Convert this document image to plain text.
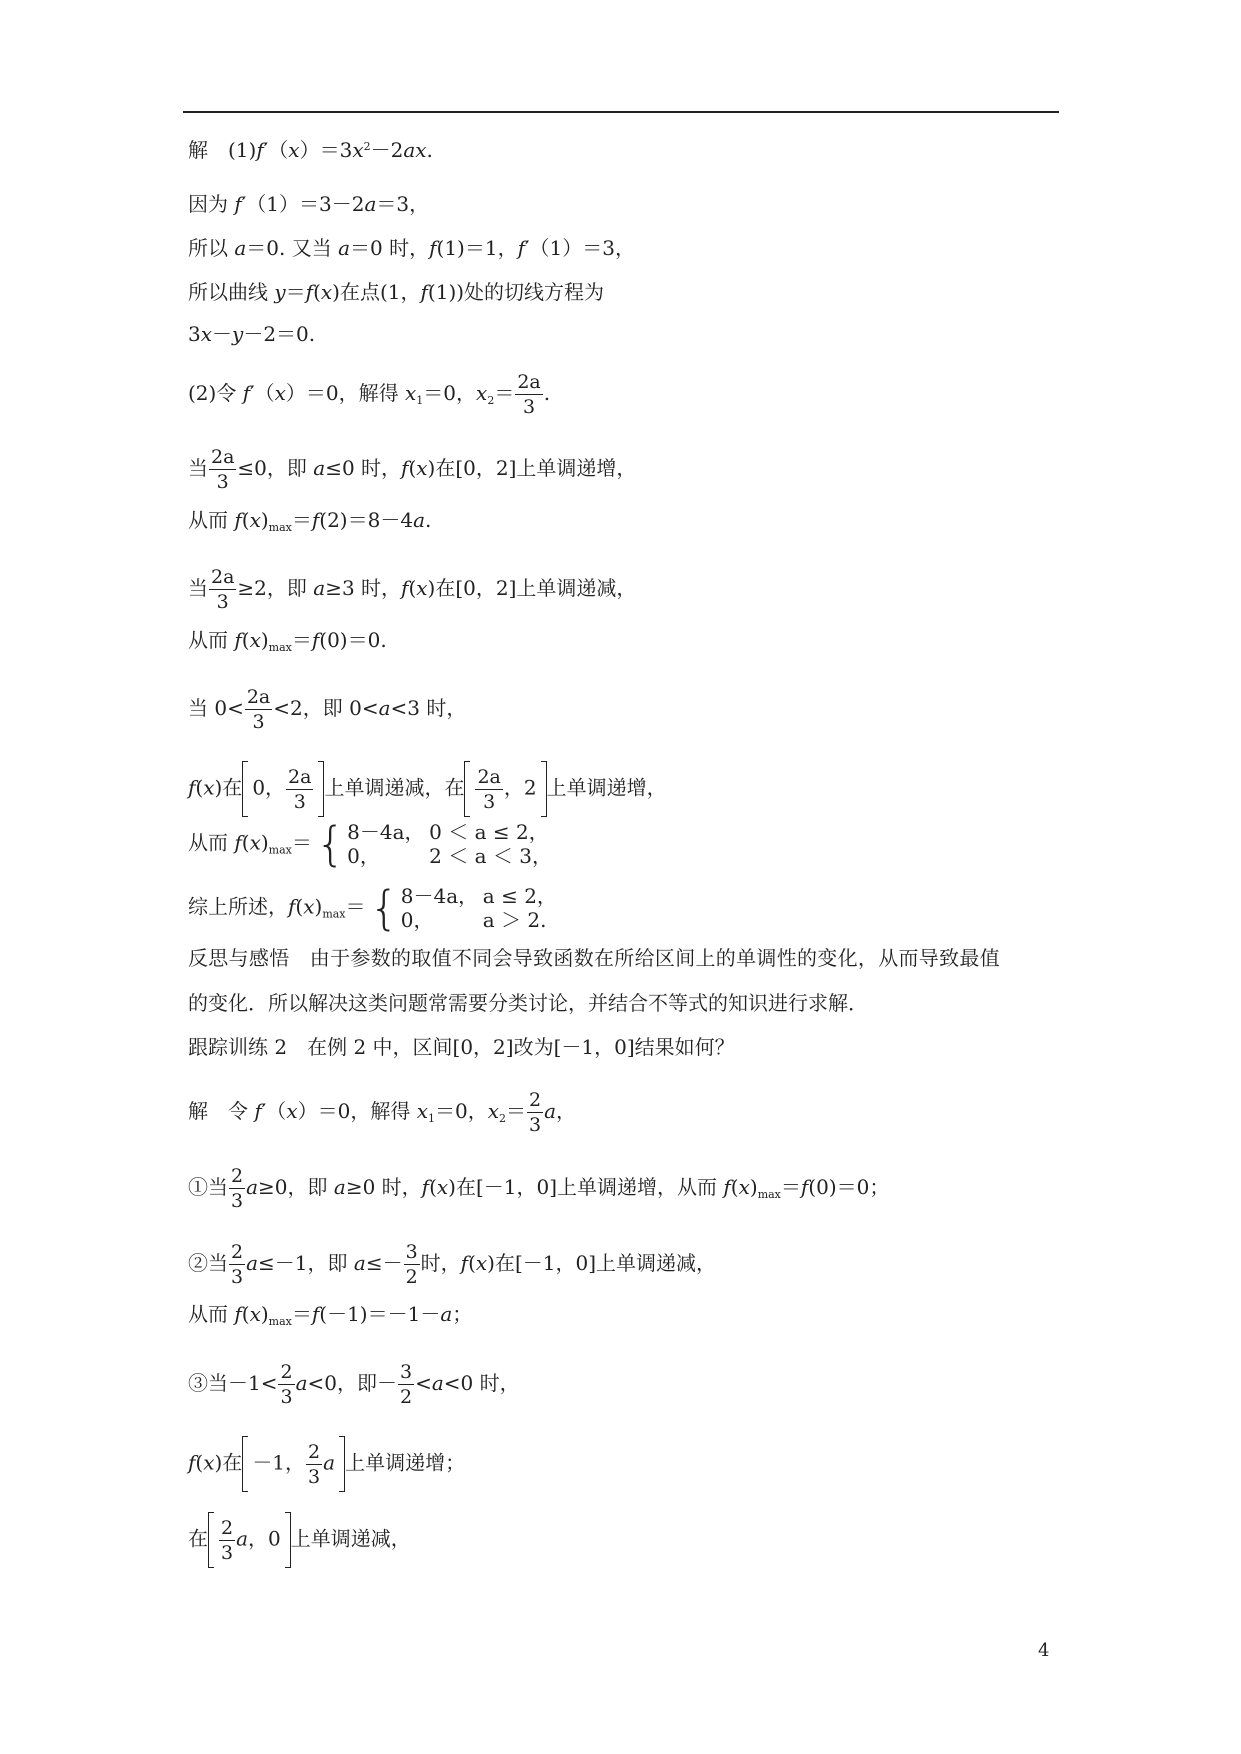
解　$(1)f'(x)=3x^2-2ax$.
因为 f′（1）＝3－2a＝3，
所以 a＝0. 又当 a＝0 时，f(1)＝1，f′（1）＝3，
所以曲线 y＝f(x)在点(1，f(1))处的切线方程为
3x－y－2＝0.
(2)令 f′（x）＝0，解得 $x_1=0$，$x_2= \frac{2a}{3}$ .
当 $\frac{2a}{3} \le 0$，即 a≤0 时，f(x)在[0，2]上单调递增，
从而 $f(x)_{max}=f(2)=8-4a$.
当 $\frac{2a}{3} \ge 2$，即 a≥3 时，f(x)在[0，2]上单调递减，
从而 $f(x)_{max}=f(0)=0$.
当 $0< \frac{2a}{3} <2$，即 0<a<3 时，
f(x)在 0， $\frac{2a}{3}$ 上单调递减，在 $\frac{2a}{3}$ ，2 上单调递增，
从而 $f(x)_{max}=${ 8－4a， 0 ＜ a ≤ 2，
0， 2 ＜ a ＜ 3，
综上所述，$f(x)_{max}=${ 8－4a， a ≤ 2，
0， a ＞ 2.
反思与感悟　由于参数的取值不同会导致函数在所给区间上的单调性的变化，从而导致最值
的变化．所以解决这类问题常需要分类讨论，并结合不等式的知识进行求解．
跟踪训练 2　在例 2 中，区间[0，2]改为[－1，0]结果如何？
解　令 f′（x）＝0，解得 $x_1=0$，$x_2= \frac{2}{3}$ a，
①当 $\frac{2}{3} a\ge 0$，即 a≥0 时，f(x)在[－1，0]上单调递增，从而 $f(x)_{max}=f(0)=0$；
②当 $\frac{2}{3} a\le-1$，即 $a\le- \frac{3}{2}$ 时，f(x)在[－1，0]上单调递减，
从而 $f(x)_{max}=f(-1)=-1-a$；
③当$-1< \frac{2}{3} a<0$，即－ $\frac{3}{2} <a<0$ 时，
f(x)在 －1， $\frac{2}{3}$ a 上单调递增；
在 $\frac{2}{3}$ a，0 上单调递减，
4
